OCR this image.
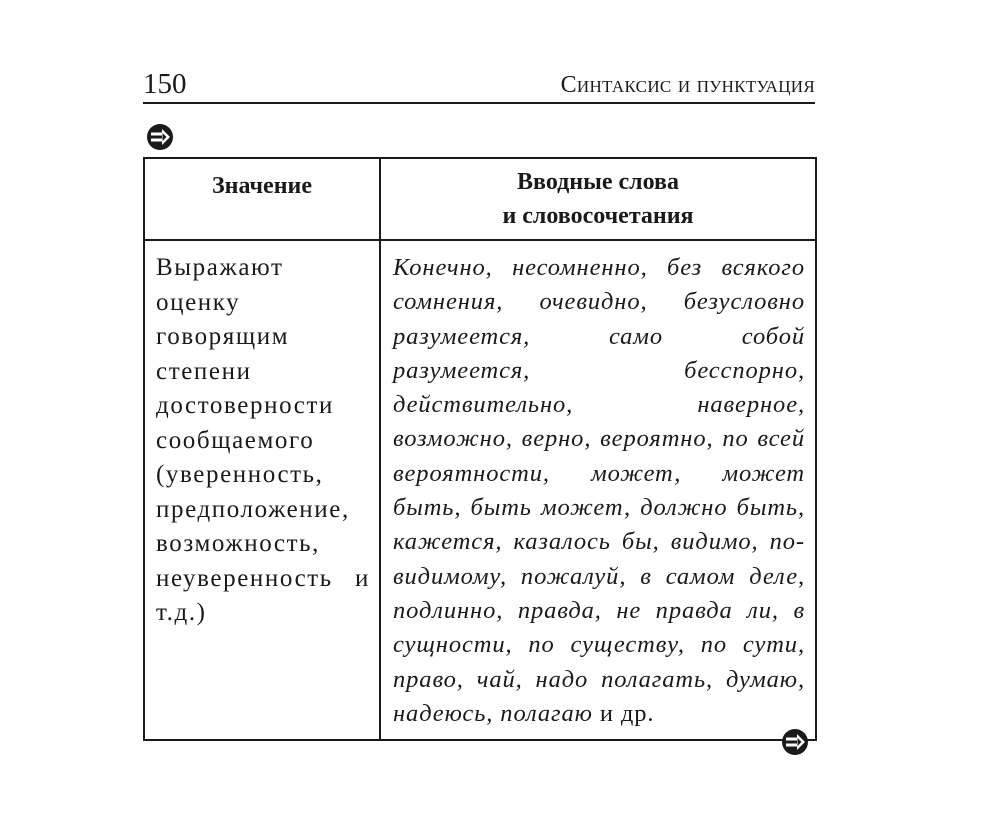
150	Синтаксис и пунктуация
Значение	Вводные слова
и словосочетания
Выражают оценку говорящим степени достоверности сообщаемого (уверенность, предположение, возможность, неуверенность и т.д.)	Конечно, несомненно, без всякого сомнения, очевидно, безусловно разумеется, само собой разумеется, бесспорно, действительно, наверное, возможно, верно, вероятно, по всей вероятности, может, может быть, быть может, должно быть, кажется, казалось бы, видимо, по-видимому, пожалуй, в самом деле, подлинно, правда, не правда ли, в сущности, по существу, по сути, право, чай, надо полагать, думаю, надеюсь, полагаю и др.
